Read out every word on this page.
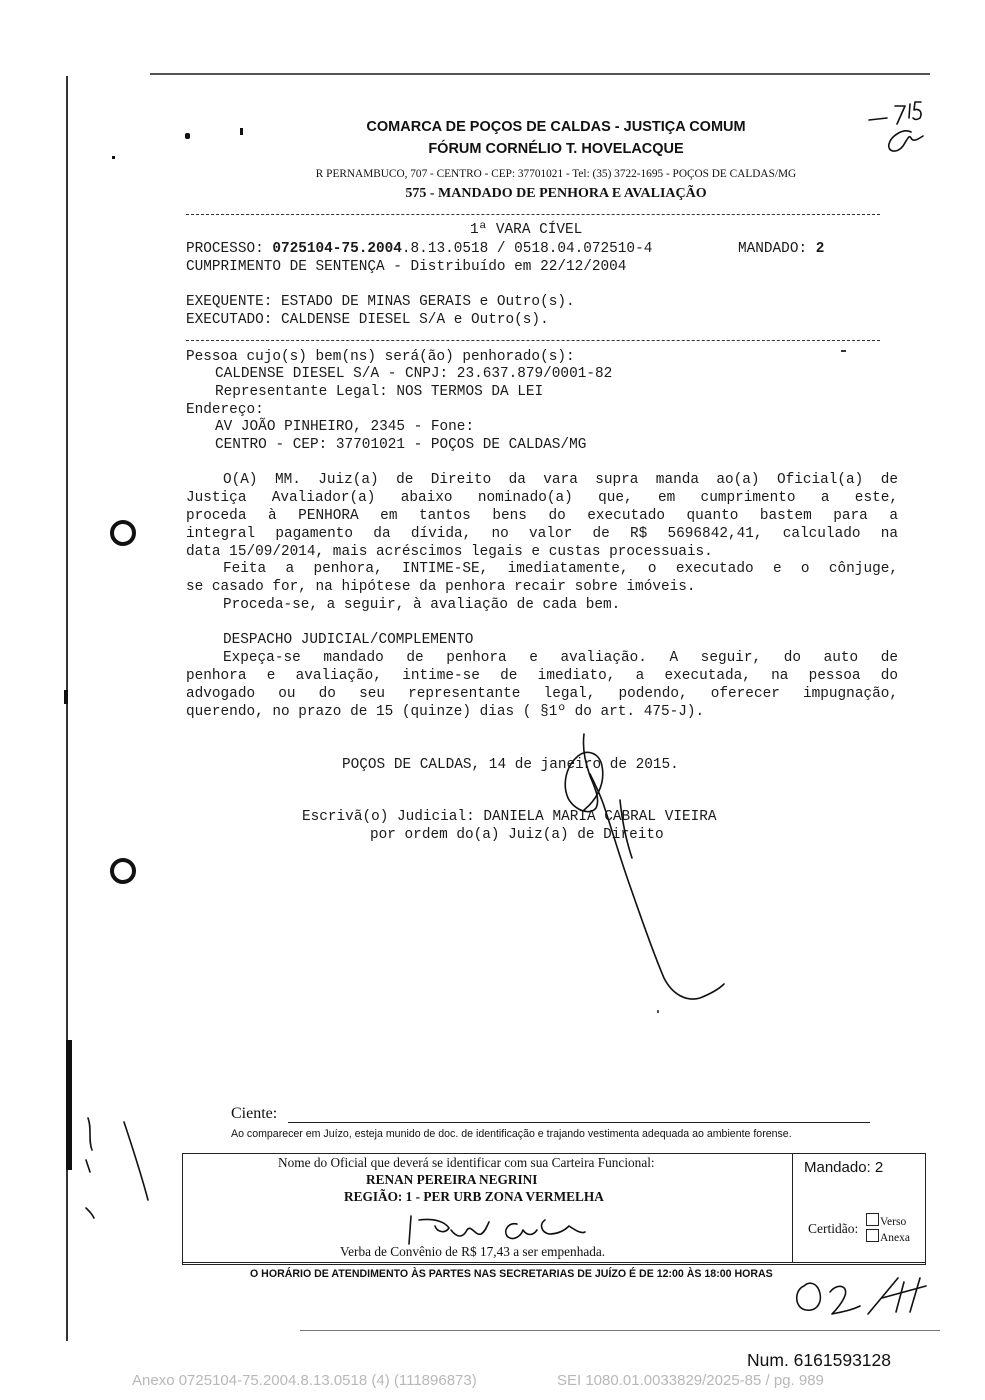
COMARCA DE POÇOS DE CALDAS - JUSTIÇA COMUM
FÓRUM CORNÉLIO T. HOVELACQUE
R PERNAMBUCO, 707 - CENTRO - CEP: 37701021 - Tel: (35) 3722-1695 - POÇOS DE CALDAS/MG
575 - MANDADO DE PENHORA E AVALIAÇÃO
1ª VARA CÍVEL
PROCESSO: 0725104-75.2004.8.13.0518 / 0518.04.072510-4	MANDADO: 2
CUMPRIMENTO DE SENTENÇA - Distribuído em 22/12/2004
EXEQUENTE: ESTADO DE MINAS GERAIS e Outro(s).
EXECUTADO: CALDENSE DIESEL S/A e Outro(s).
Pessoa cujo(s) bem(ns) será(ão) penhorado(s):
CALDENSE DIESEL S/A - CNPJ: 23.637.879/0001-82
Representante Legal: NOS TERMOS DA LEI
Endereço:
AV JOÃO PINHEIRO, 2345 - Fone:
CENTRO - CEP: 37701021 - POÇOS DE CALDAS/MG
O(A) MM. Juiz(a) de Direito da vara supra manda ao(a) Oficial(a) de
Justiça Avaliador(a) abaixo nominado(a) que, em cumprimento a este,
proceda à PENHORA em tantos bens do executado quanto bastem para a
integral pagamento da dívida, no valor de R$ 5696842,41, calculado na
data 15/09/2014, mais acréscimos legais e custas processuais.
Feita a penhora, INTIME-SE, imediatamente, o executado e o cônjuge,
se casado for, na hipótese da penhora recair sobre imóveis.
Proceda-se, a seguir, à avaliação de cada bem.
DESPACHO JUDICIAL/COMPLEMENTO
Expeça-se mandado de penhora e avaliação. A seguir, do auto de
penhora e avaliação, intime-se de imediato, a executada, na pessoa do
advogado ou do seu representante legal, podendo, oferecer impugnação,
querendo, no prazo de 15 (quinze) dias ( §1º do art. 475-J).
POÇOS DE CALDAS, 14 de janeiro de 2015.
Escrivã(o) Judicial: DANIELA MARIA CABRAL VIEIRA
por ordem do(a) Juiz(a) de Direito
Ciente:
Ao comparecer em Juízo, esteja munido de doc. de identificação e trajando vestimenta adequada ao ambiente forense.
Nome do Oficial que deverá se identificar com sua Carteira Funcional:
RENAN PEREIRA NEGRINI
REGIÃO: 1 - PER URB ZONA VERMELHA
Verba de Convênio de R$ 17,43 a ser empenhada.
Mandado: 2
Certidão:	Verso
Anexa
O HORÁRIO DE ATENDIMENTO ÀS PARTES NAS SECRETARIAS DE JUÍZO É DE 12:00 ÀS 18:00 HORAS
Num. 6161593128
Anexo 0725104-75.2004.8.13.0518 (4) (111896873)	SEI 1080.01.0033829/2025-85 / pg. 989
